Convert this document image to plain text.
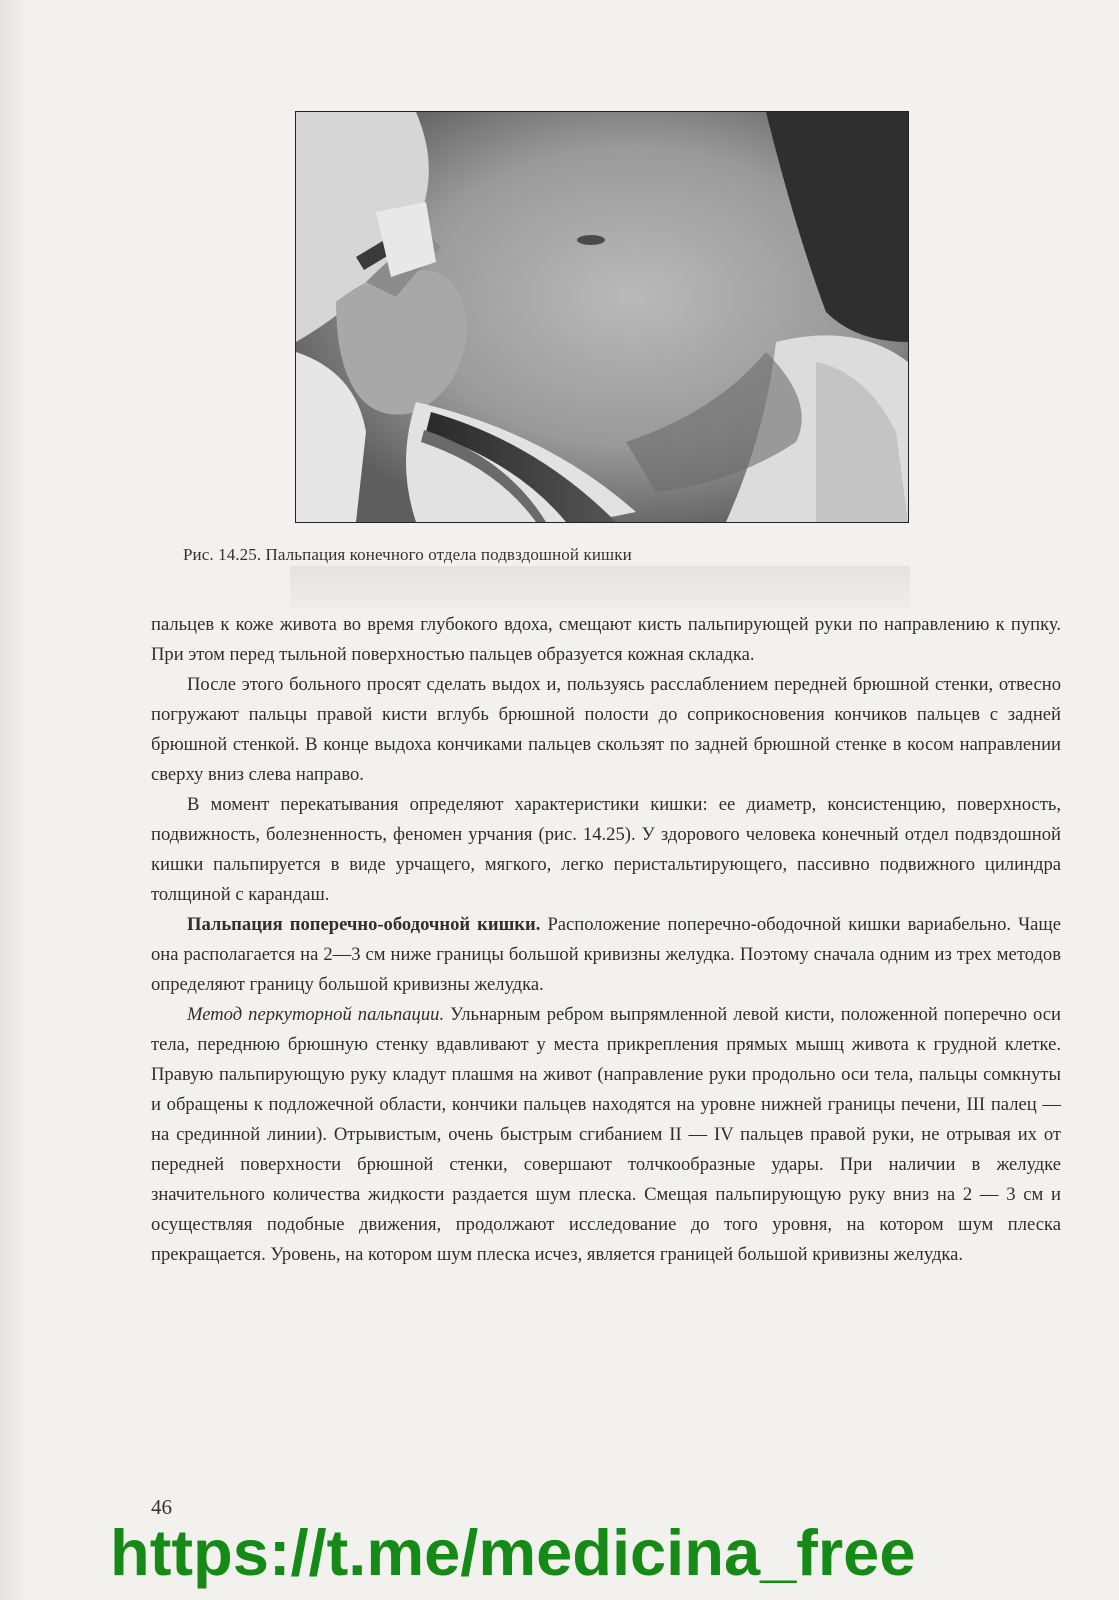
Рис. 14.25. Пальпация конечного отдела подвздошной кишки

пальцев к коже живота во время глубокого вдоха, смещают кисть пальпирующей руки по направлению к пупку. При этом перед тыльной поверхностью пальцев образуется кожная складка.

После этого больного просят сделать выдох и, пользуясь расслаблением передней брюшной стенки, отвесно погружают пальцы правой кисти вглубь брюшной полости до соприкосновения кончиков пальцев с задней брюшной стенкой. В конце выдоха кончиками пальцев скользят по задней брюшной стенке в косом направлении сверху вниз слева направо.

В момент перекатывания определяют характеристики кишки: ее диаметр, консистенцию, поверхность, подвижность, болезненность, феномен урчания (рис. 14.25). У здорового человека конечный отдел подвздошной кишки пальпируется в виде урчащего, мягкого, легко перистальтирующего, пассивно подвижного цилиндра толщиной с карандаш.

Пальпация поперечно-ободочной кишки. Расположение поперечно-ободочной кишки вариабельно. Чаще она располагается на 2—3 см ниже границы большой кривизны желудка. Поэтому сначала одним из трех методов определяют границу большой кривизны желудка.

Метод перкуторной пальпации. Ульнарным ребром выпрямленной левой кисти, положенной поперечно оси тела, переднюю брюшную стенку вдавливают у места прикрепления прямых мышц живота к грудной клетке. Правую пальпирующую руку кладут плашмя на живот (направление руки продольно оси тела, пальцы сомкнуты и обращены к подложечной области, кончики пальцев находятся на уровне нижней границы печени, III палец — на срединной линии). Отрывистым, очень быстрым сгибанием II — IV пальцев правой руки, не отрывая их от передней поверхности брюшной стенки, совершают толчкообразные удары. При наличии в желудке значительного количества жидкости раздается шум плеска. Смещая пальпирующую руку вниз на 2 — 3 см и осуществляя подобные движения, продолжают исследование до того уровня, на котором шум плеска прекращается. Уровень, на котором шум плеска исчез, является границей большой кривизны желудка.

46
https://t.me/medicina_free
